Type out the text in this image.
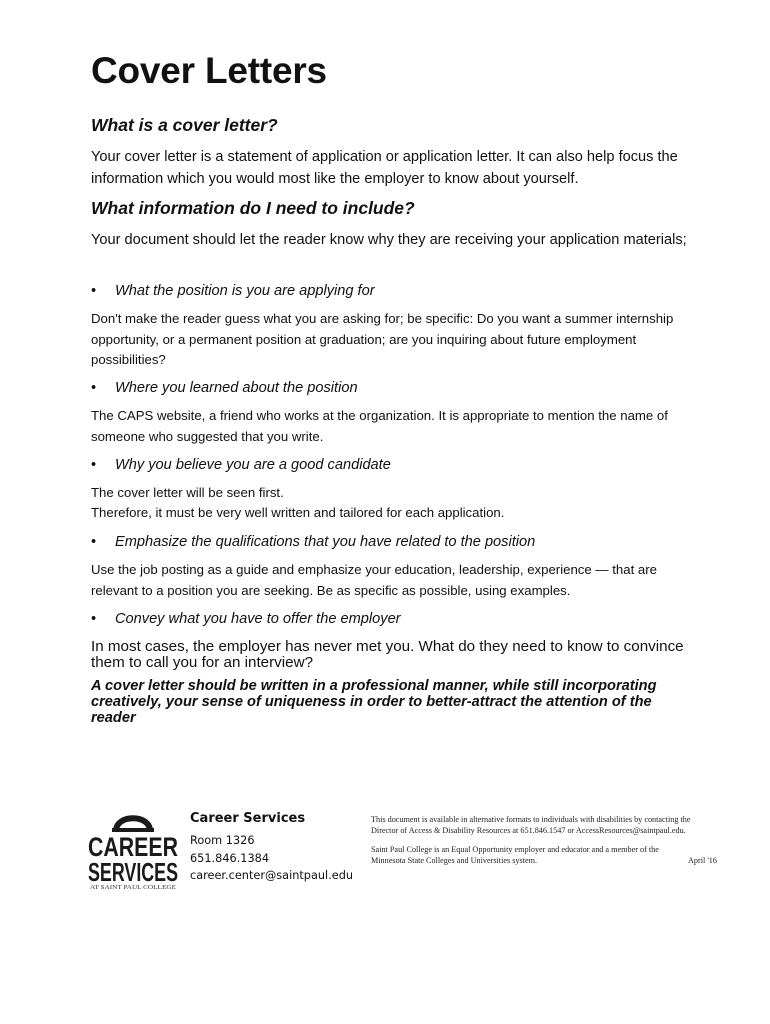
Cover Letters
What is a cover letter?

Your cover letter is a statement of application or application letter. It can also help focus the information which you would most like the employer to know about yourself.

What information do I need to include?

Your document should let the reader know why they are receiving your application materials;

• What the position is you are applying for

Don't make the reader guess what you are asking for; be specific: Do you want a summer internship opportunity, or a permanent position at graduation; are you inquiring about future employment possibilities?

• Where you learned about the position

The CAPS website, a friend who works at the organization. It is appropriate to mention the name of someone who suggested that you write.

• Why you believe you are a good candidate

The cover letter will be seen first.

Therefore, it must be very well written and tailored for each application.

• Emphasize the qualifications that you have related to the position

Use the job posting as a guide and emphasize your education, leadership, experience — that are relevant to a position you are seeking. Be as specific as possible, using examples.

• Convey what you have to offer the employer

In most cases, the employer has never met you. What do they need to know to convince them to call you for an interview?

A cover letter should be written in a professional manner, while still incorporating creatively, your sense of uniqueness in order to better-attract the attention of the reader

CAREER
SERVICES
AT SAINT PAUL COLLEGE

Career Services

Room 1326

651.846.1384

career.center@saintpaul.edu

This document is available in alternative formats to individuals with disabilities by contacting the

Director of Access & Disability Resources at 651.846.1547 or AccessResources@saintpaul.edu.

Saint Paul College is an Equal Opportunity employer and educator and a member of the

Minnesota State Colleges and Universities system.	April '16
